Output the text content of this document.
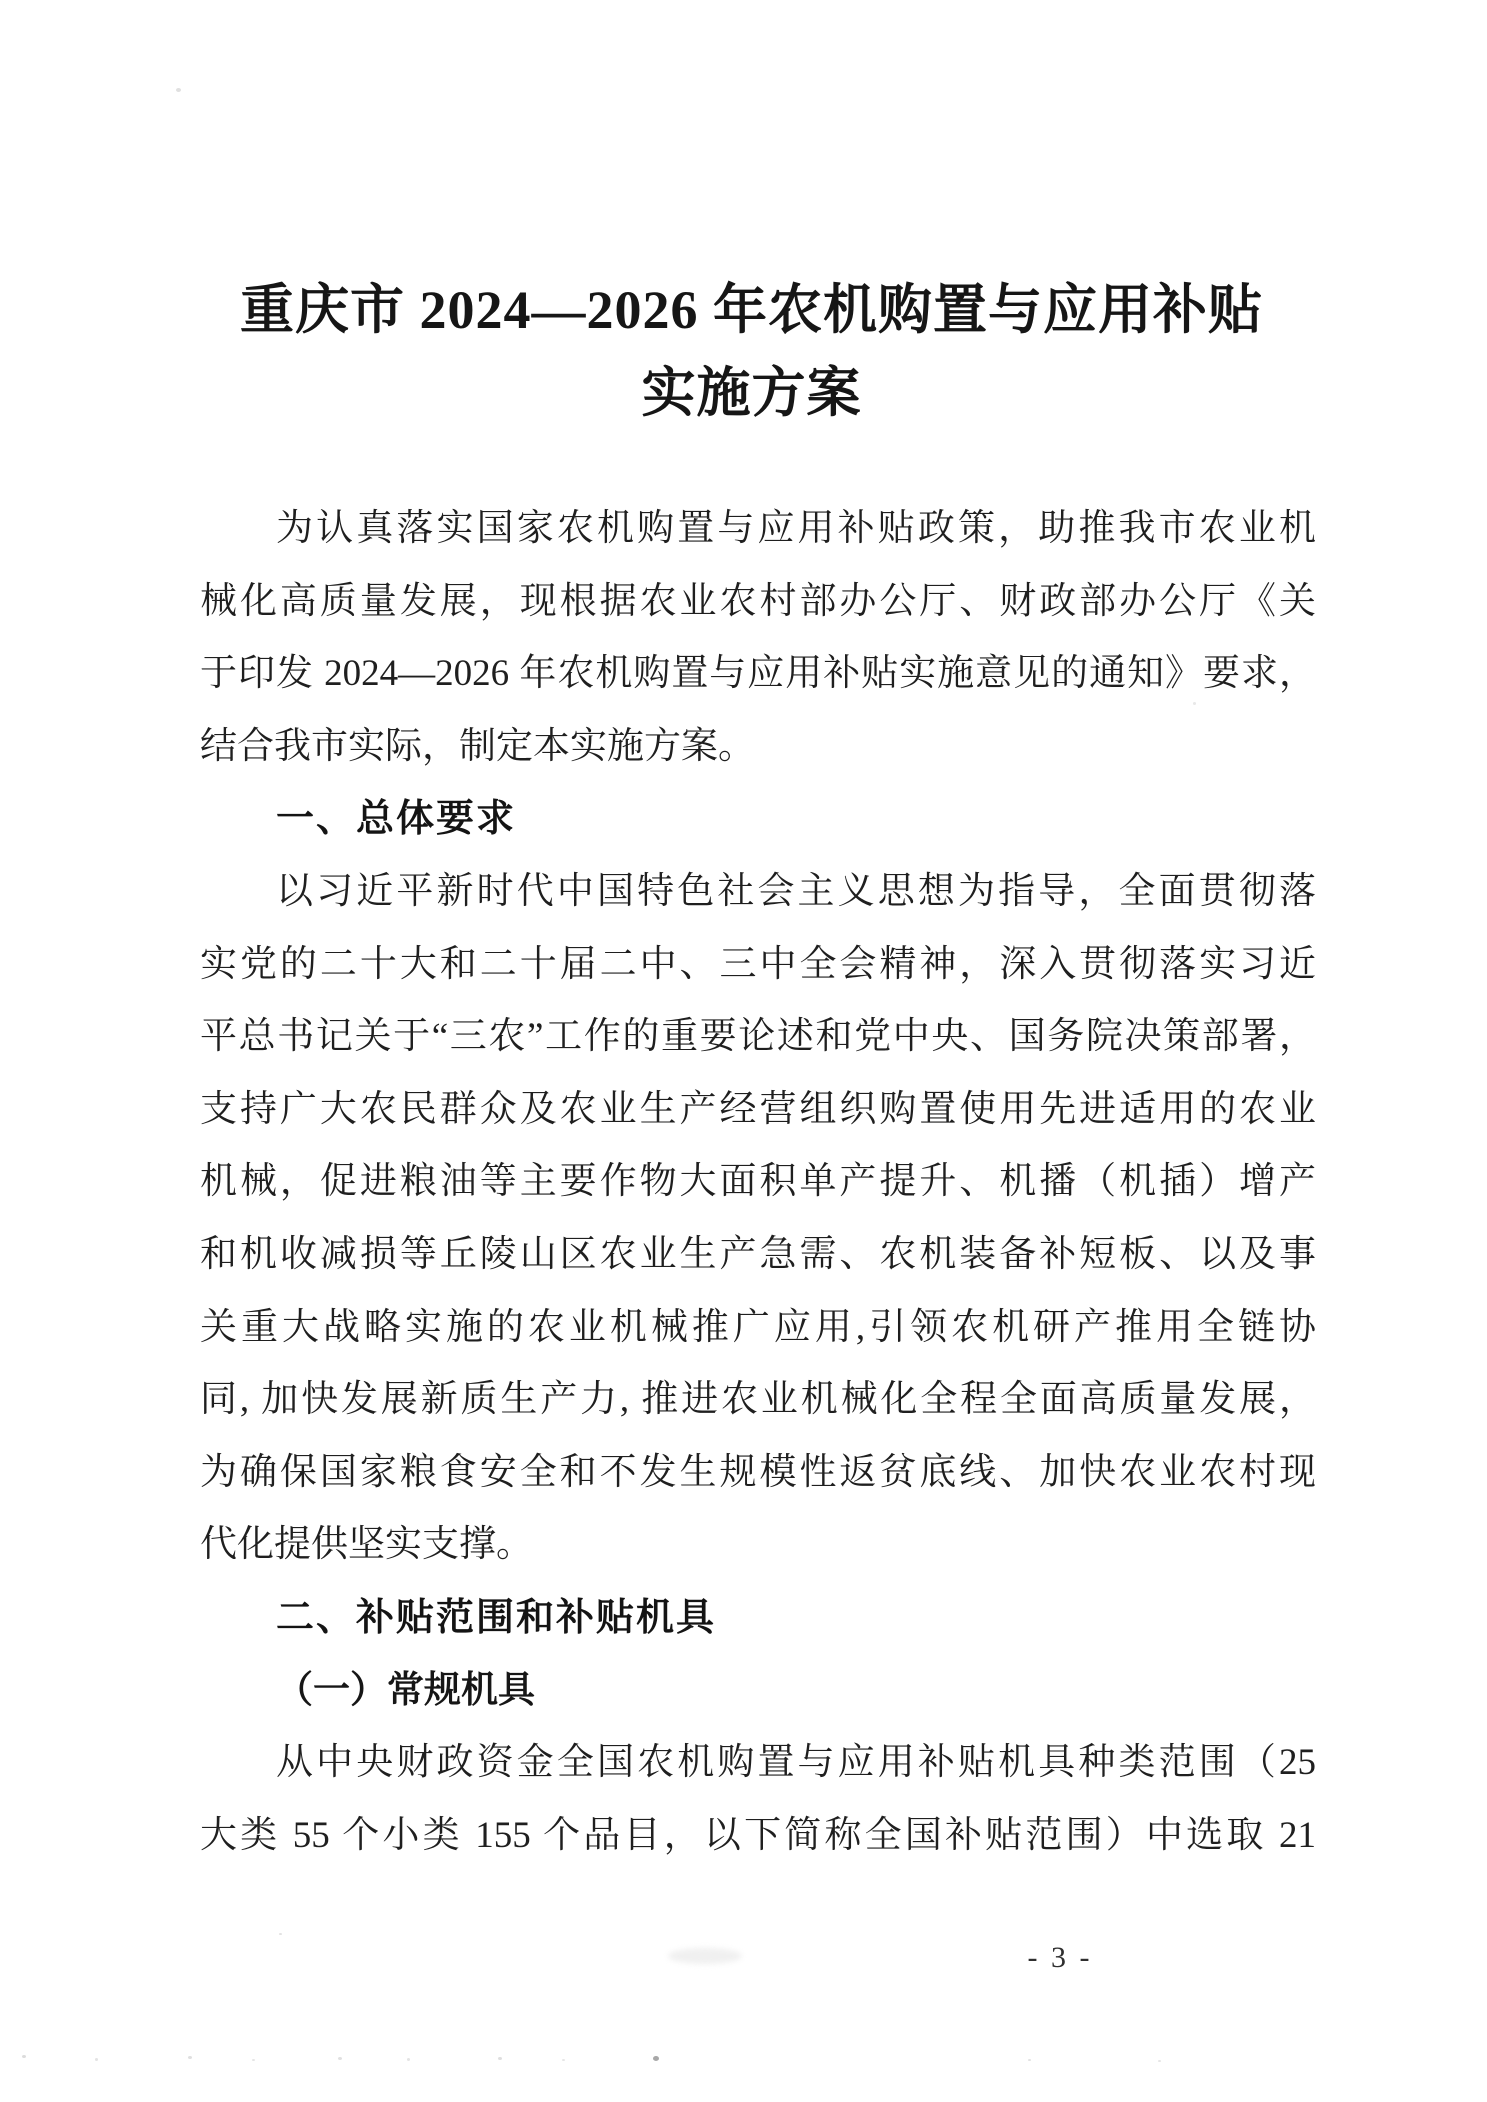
重庆市 2024—2026 年农机购置与应用补贴
实施方案
为认真落实国家农机购置与应用补贴政策，助推我市农业机
械化高质量发展，现根据农业农村部办公厅、财政部办公厅《关
于印发 2024—2026 年农机购置与应用补贴实施意见的通知》要求，
结合我市实际，制定本实施方案。
一、总体要求
以习近平新时代中国特色社会主义思想为指导，全面贯彻落
实党的二十大和二十届二中、三中全会精神，深入贯彻落实习近
平总书记关于“三农”工作的重要论述和党中央、国务院决策部署，
支持广大农民群众及农业生产经营组织购置使用先进适用的农业
机械，促进粮油等主要作物大面积单产提升、机播（机插）增产
和机收减损等丘陵山区农业生产急需、农机装备补短板、以及事
关重大战略实施的农业机械推广应用,引领农机研产推用全链协
同, 加快发展新质生产力, 推进农业机械化全程全面高质量发展，
为确保国家粮食安全和不发生规模性返贫底线、加快农业农村现
代化提供坚实支撑。
二、补贴范围和补贴机具
（一）常规机具
从中央财政资金全国农机购置与应用补贴机具种类范围（25
大类 55 个小类 155 个品目，以下简称全国补贴范围）中选取 21
- 3 -
